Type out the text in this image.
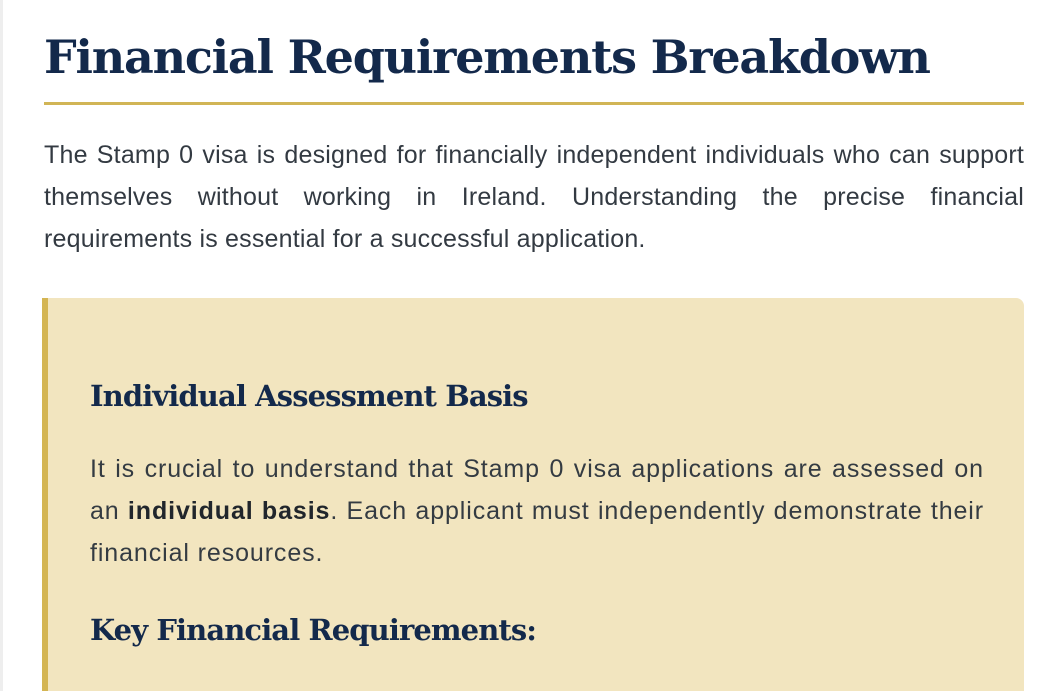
Financial Requirements Breakdown

The Stamp 0 visa is designed for financially independent individuals who can support themselves without working in Ireland. Understanding the precise financial requirements is essential for a successful application.

Individual Assessment Basis

It is crucial to understand that Stamp 0 visa applications are assessed on an individual basis. Each applicant must independently demonstrate their financial resources.

Key Financial Requirements:
